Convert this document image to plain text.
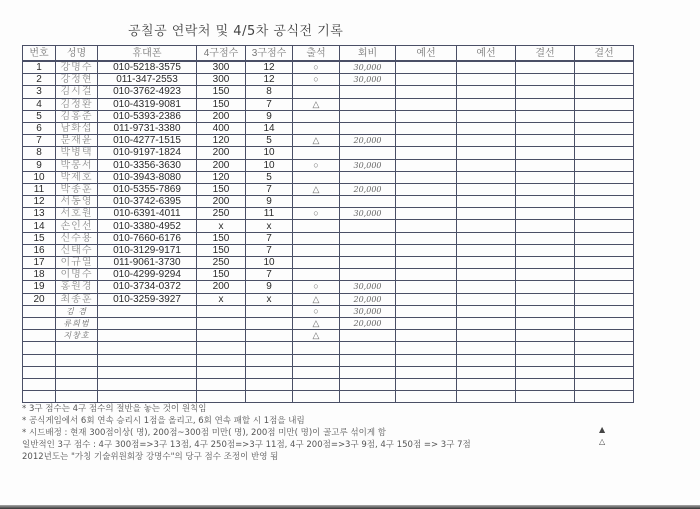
공칠공 연락처 및 4/5차 공식전 기록
번호	성명	휴대폰	4구점수	3구점수	출석	회비	예선	예선	결선	결선
1	강명수	010-5218-3575	300	12	○	30,000				
2	강정현	011-347-2553	300	12	○	30,000				
3	김시걸	010-3762-4923	150	8						
4	김정환	010-4319-9081	150	7	△					
5	김홍준	010-5393-2386	200	9						
6	남화섭	011-9731-3380	400	14						
7	문재윤	010-4277-1515	120	5	△	20,000				
8	박병택	010-9197-1824	200	10						
9	박봉서	010-3356-3630	200	10	○	30,000				
10	박제호	010-3943-8080	120	5						
11	박종훈	010-5355-7869	150	7	△	20,000				
12	서동영	010-3742-6395	200	9						
13	서호원	010-6391-4011	250	11	○	30,000				
14	손인선	010-3380-4952	x	x						
15	신수용	010-7660-6176	150	7						
16	신태수	010-3129-9171	150	7						
17	이규열	011-9061-3730	250	10						
18	이명수	010-4299-9294	150	7						
19	홍원경	010-3734-0372	200	9	○	30,000				
20	최종훈	010-3259-3927	x	x	△	20,000				
	김 겸				○	30,000				
	류희범				△	20,000				
	지창호				△					

* 3구 점수는 4구 점수의 절반을 놓는 것이 원칙임
* 공식게임에서 6회 연속 승리시 1점을 올리고, 6회 연속 패할 시 1점을 내림
* 시드배정 : 현재 300점이상( 명), 200점~300점 미만( 명), 200점 미만( 명)이 골고루 섞이게 함
일반적인 3구 점수 : 4구 300점=>3구 13점, 4구 250점=>3구 11점, 4구 200점=>3구 9점, 4구 150점 => 3구 7점
2012년도는 "가칭 기술위원회장 강명수"의 당구 점수 조정이 반영 됨
▲
△
